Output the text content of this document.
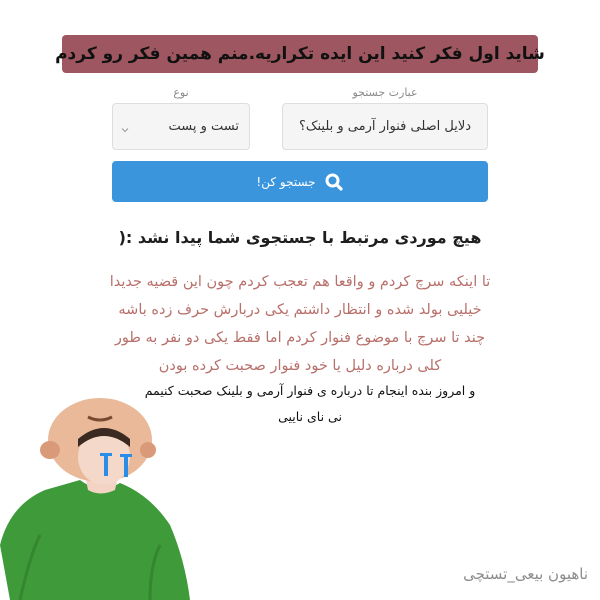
شاید اول فکر کنید این ایده تکراریه.منم همین فکر رو کردم
عبارت جستجو
نوع
دلایل اصلی فنوار آرمی و بلینک؟
تست و پست
جستجو کن!
هیچ موردی مرتبط با جستجوی شما پیدا نشد :(
تا اینکه سرچ کردم و واقعا هم تعجب کردم چون این قضیه جدیدا
خیلیی بولد شده و انتظار داشتم یکی دربارش حرف زده باشه
چند تا سرچ با موضوع فنوار کردم اما فقط یکی دو نفر به طور
کلی درباره دلیل یا خود فنوار صحبت کرده بودن
و امروز بنده اینجام تا درباره ی فنوار آرمی و بلینک صحبت کنیمم
نی نای ناییی
ناهیون بیعی_تستچی
